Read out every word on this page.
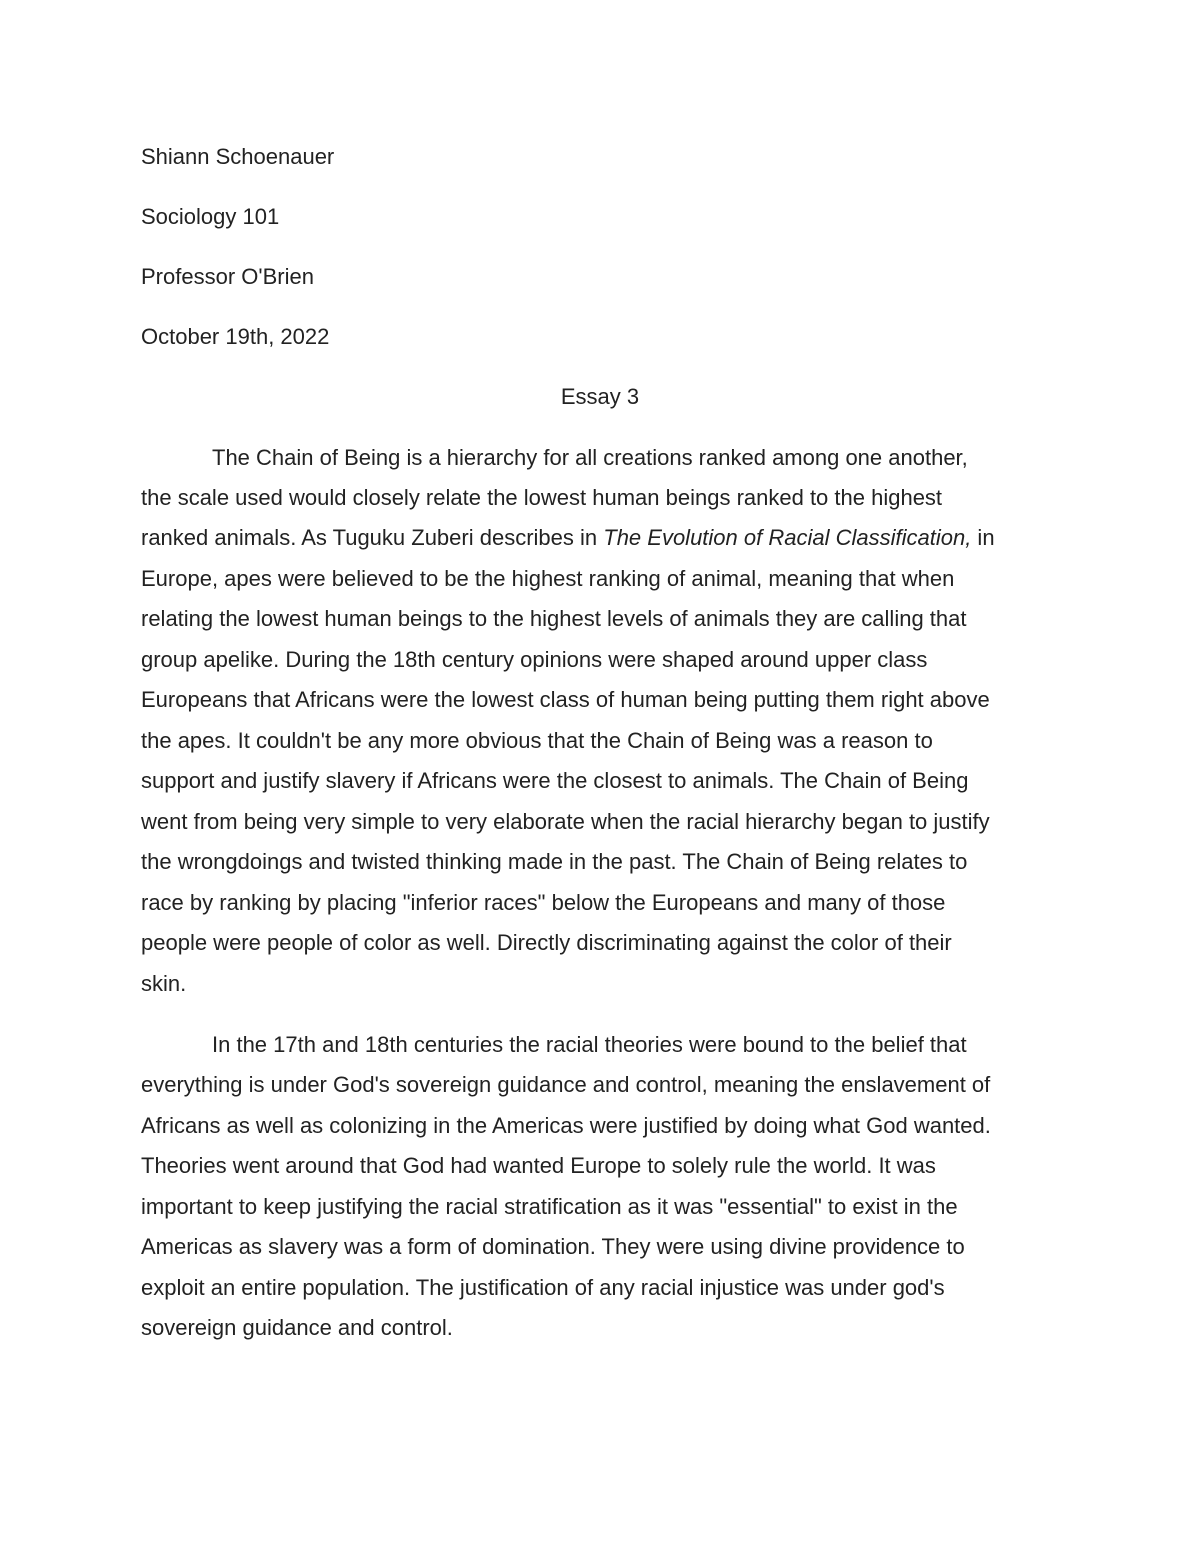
Shiann Schoenauer
Sociology 101
Professor O'Brien
October 19th, 2022
Essay 3
The Chain of Being is a hierarchy for all creations ranked among one another,
the scale used would closely relate the lowest human beings ranked to the highest
ranked animals. As Tuguku Zuberi describes in The Evolution of Racial Classification, in
Europe, apes were believed to be the highest ranking of animal, meaning that when
relating the lowest human beings to the highest levels of animals they are calling that
group apelike. During the 18th century opinions were shaped around upper class
Europeans that Africans were the lowest class of human being putting them right above
the apes. It couldn't be any more obvious that the Chain of Being was a reason to
support and justify slavery if Africans were the closest to animals. The Chain of Being
went from being very simple to very elaborate when the racial hierarchy began to justify
the wrongdoings and twisted thinking made in the past. The Chain of Being relates to
race by ranking by placing "inferior races" below the Europeans and many of those
people were people of color as well. Directly discriminating against the color of their
skin.
In the 17th and 18th centuries the racial theories were bound to the belief that
everything is under God's sovereign guidance and control, meaning the enslavement of
Africans as well as colonizing in the Americas were justified by doing what God wanted.
Theories went around that God had wanted Europe to solely rule the world. It was
important to keep justifying the racial stratification as it was "essential" to exist in the
Americas as slavery was a form of domination. They were using divine providence to
exploit an entire population. The justification of any racial injustice was under god's
sovereign guidance and control.
